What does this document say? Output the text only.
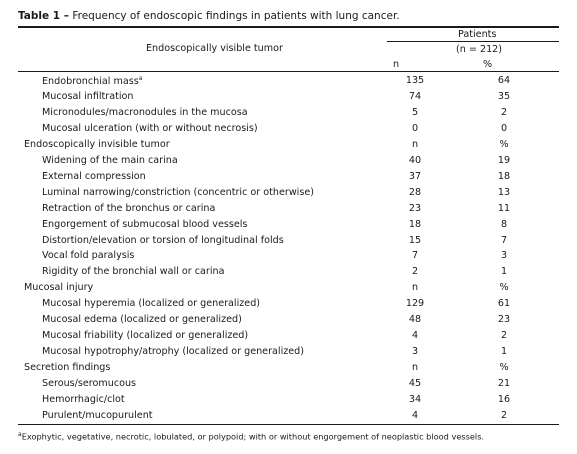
Table 1 – Frequency of endoscopic findings in patients with lung cancer.
Endoscopically visible tumor
Patients
(n = 212)
n	%
Endobronchial mass$^a$	135	64
Mucosal infiltration	74	35
Micronodules/macronodules in the mucosa	5	2
Mucosal ulceration (with or without necrosis)	0	0
Endoscopically invisible tumor	n	%
Widening of the main carina	40	19
External compression	37	18
Luminal narrowing/constriction (concentric or otherwise)	28	13
Retraction of the bronchus or carina	23	11
Engorgement of submucosal blood vessels	18	8
Distortion/elevation or torsion of longitudinal folds	15	7
Vocal fold paralysis	7	3
Rigidity of the bronchial wall or carina	2	1
Mucosal injury	n	%
Mucosal hyperemia (localized or generalized)	129	61
Mucosal edema (localized or generalized)	48	23
Mucosal friability (localized or generalized)	4	2
Mucosal hypotrophy/atrophy (localized or generalized)	3	1
Secretion findings	n	%
Serous/seromucous	45	21
Hemorrhagic/clot	34	16
Purulent/mucopurulent	4	2
$^a$Exophytic, vegetative, necrotic, lobulated, or polypoid; with or without engorgement of neoplastic blood vessels.
